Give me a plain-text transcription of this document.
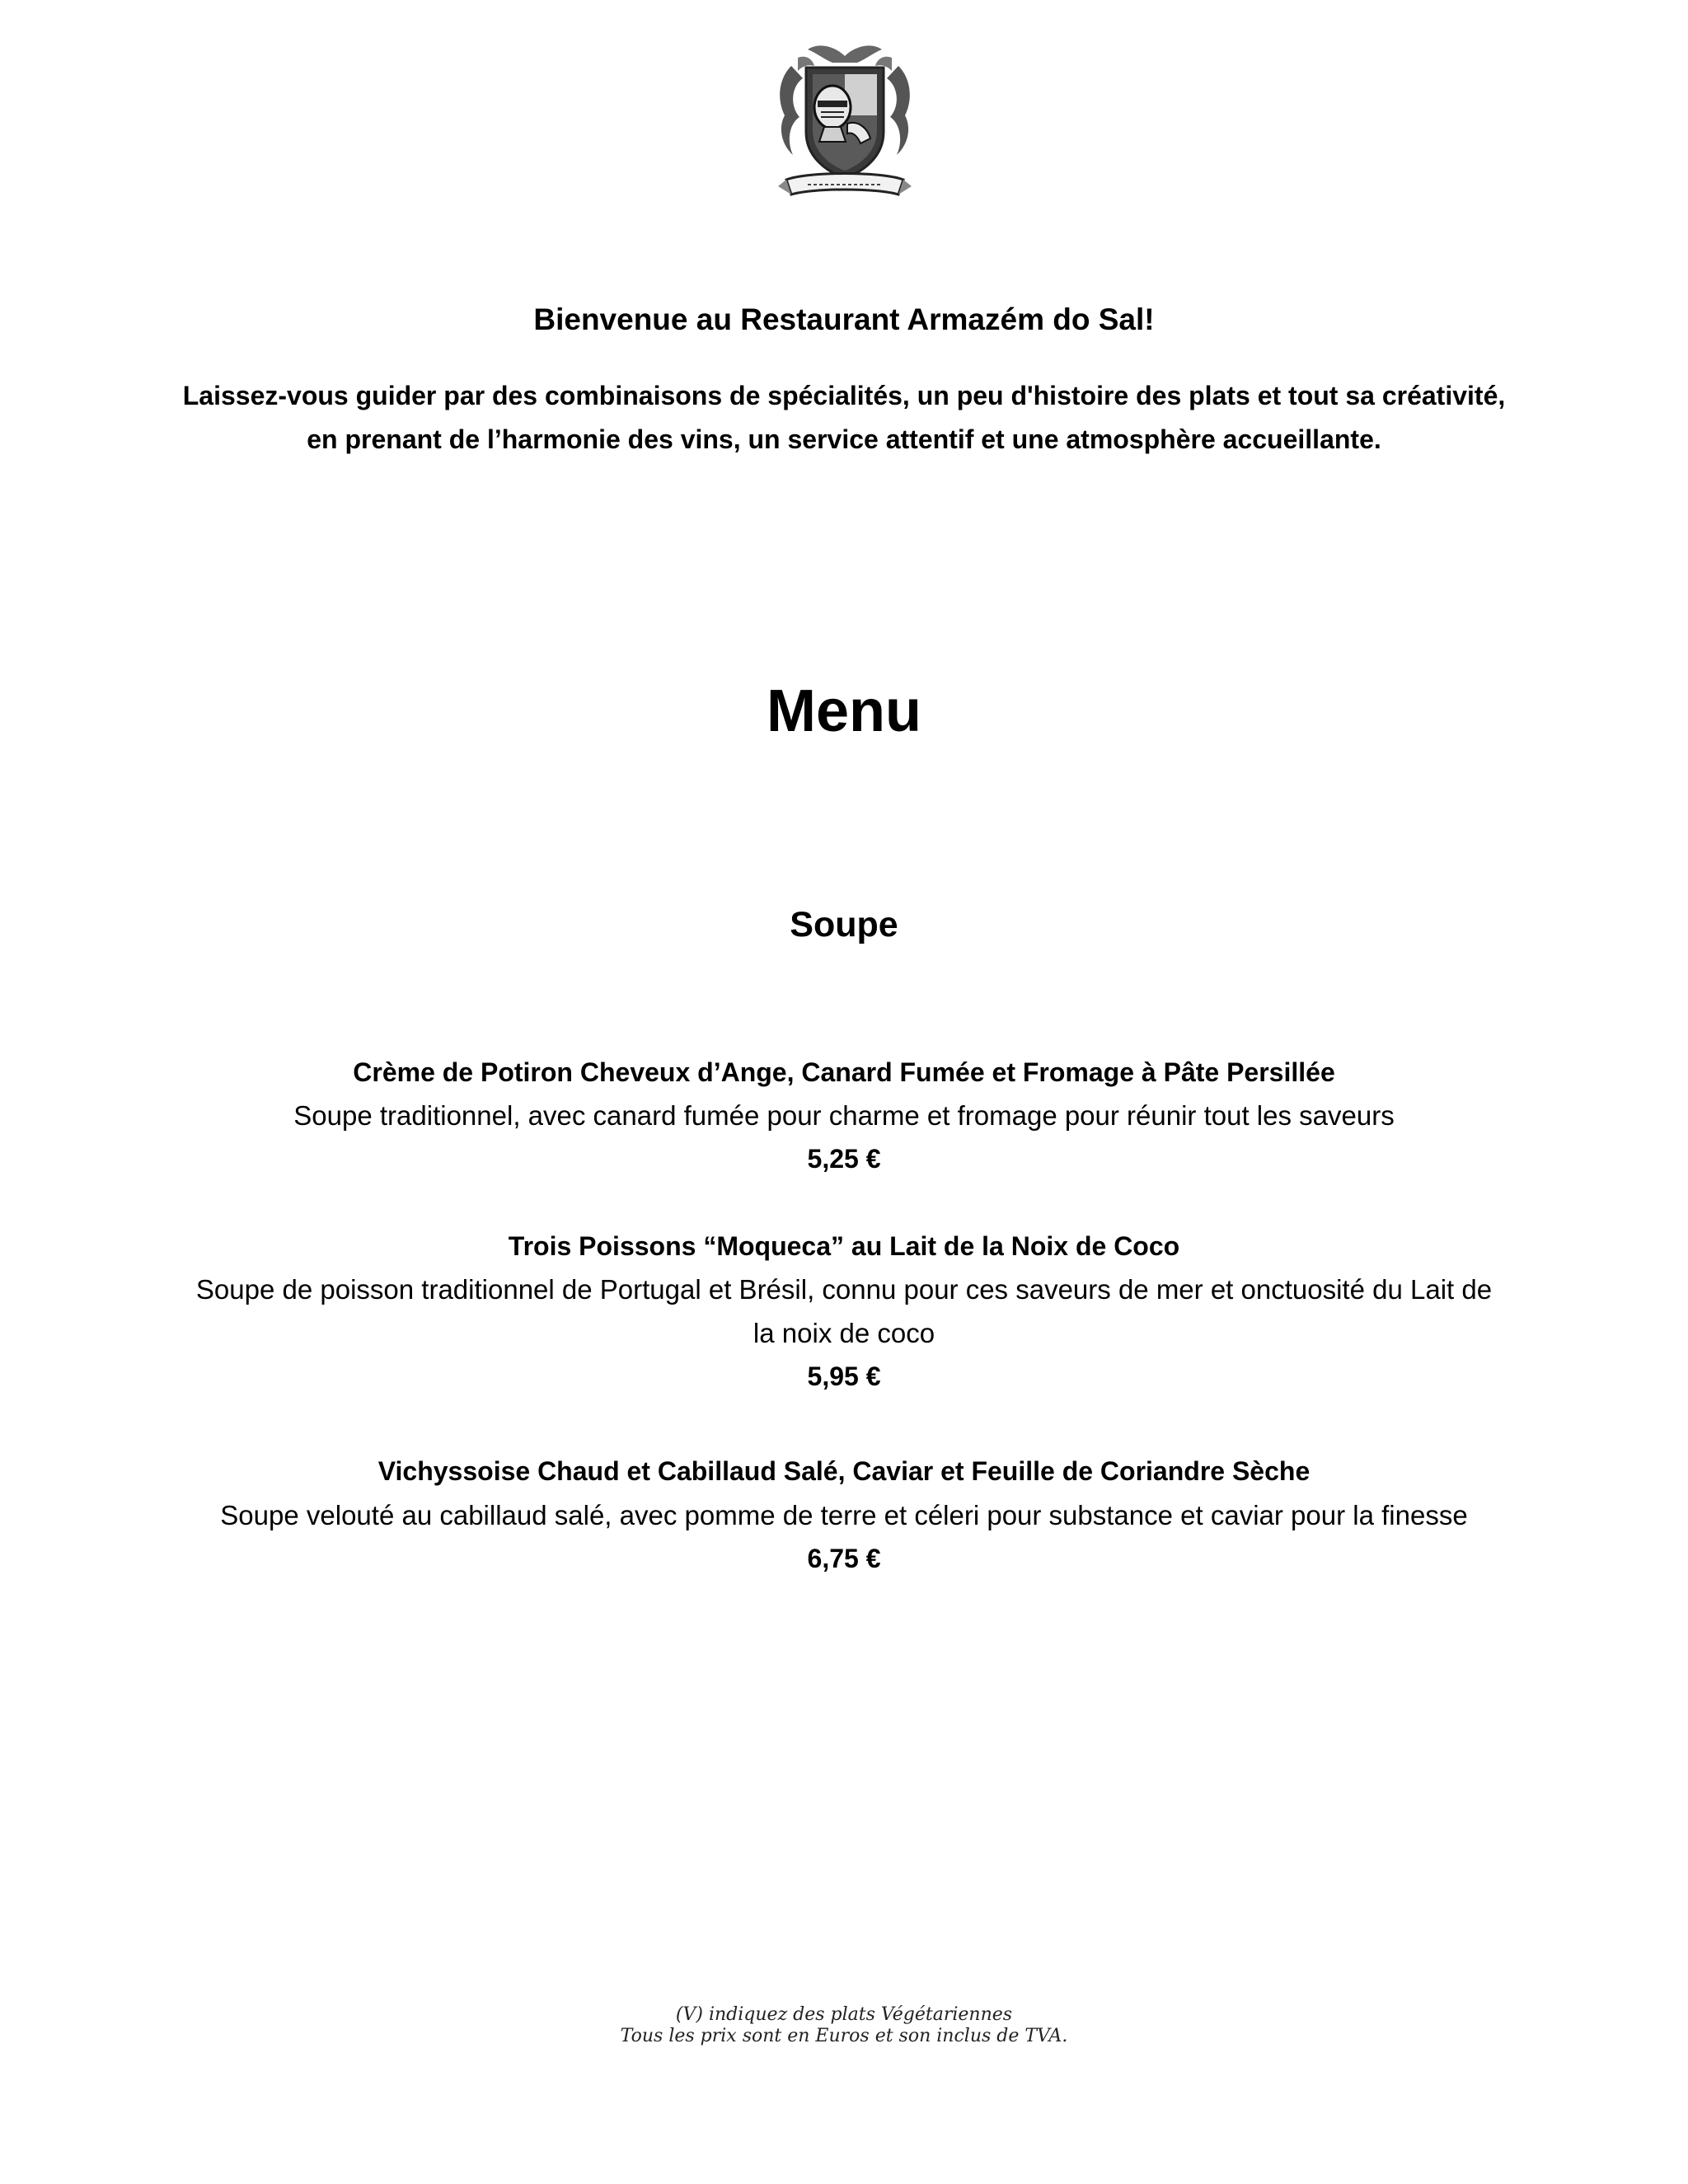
Bienvenue au Restaurant Armazém do Sal!
Laissez-vous guider par des combinaisons de spécialités, un peu d'histoire des plats et tout sa créativité,
en prenant de l’harmonie des vins, un service attentif et une atmosphère accueillante.
Menu
Soupe
Crème de Potiron Cheveux d’Ange, Canard Fumée et Fromage à Pâte Persillée
Soupe traditionnel, avec canard fumée pour charme et fromage pour réunir tout les saveurs
5,25 €
Trois Poissons “Moqueca” au Lait de la Noix de Coco
Soupe de poisson traditionnel de Portugal et Brésil, connu pour ces saveurs de mer et onctuosité du Lait de
la noix de coco
5,95 €
Vichyssoise Chaud et Cabillaud Salé, Caviar et Feuille de Coriandre Sèche
Soupe velouté au cabillaud salé, avec pomme de terre et céleri pour substance et caviar pour la finesse
6,75 €
(V) indiquez des plats Végétariennes
Tous les prix sont en Euros et son inclus de TVA.
